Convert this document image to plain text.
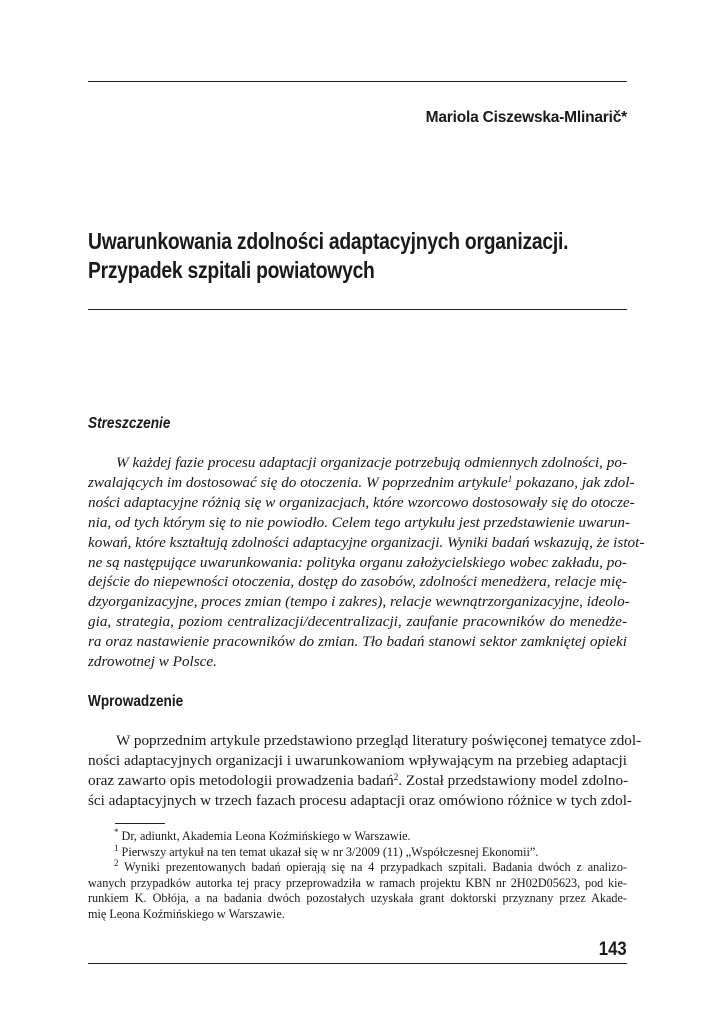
Mariola Ciszewska-Mlinarič*
Uwarunkowania zdolności adaptacyjnych organizacji.
Przypadek szpitali powiatowych
Streszczenie
W każdej fazie procesu adaptacji organizacje potrzebują odmiennych zdolności, po-
zwalających im dostosować się do otoczenia. W poprzednim artykule$^1$ pokazano, jak zdol-
ności adaptacyjne różnią się w organizacjach, które wzorcowo dostosowały się do otocze-
nia, od tych którym się to nie powiodło. Celem tego artykułu jest przedstawienie uwarun-
kowań, które kształtują zdolności adaptacyjne organizacji. Wyniki badań wskazują, że istot-
ne są następujące uwarunkowania: polityka organu założycielskiego wobec zakładu, po-
dejście do niepewności otoczenia, dostęp do zasobów, zdolności menedżera, relacje mię-
dzyorganizacyjne, proces zmian (tempo i zakres), relacje wewnątrzorganizacyjne, ideolo-
gia, strategia, poziom centralizacji/decentralizacji, zaufanie pracowników do menedże-
ra oraz nastawienie pracowników do zmian. Tło badań stanowi sektor zamkniętej opieki
zdrowotnej w Polsce.
Wprowadzenie
W poprzednim artykule przedstawiono przegląd literatury poświęconej tematyce zdol-
ności adaptacyjnych organizacji i uwarunkowaniom wpływającym na przebieg adaptacji
oraz zawarto opis metodologii prowadzenia badań$^2$. Został przedstawiony model zdolno-
ści adaptacyjnych w trzech fazach procesu adaptacji oraz omówiono różnice w tych zdol-
* Dr, adiunkt, Akademia Leona Koźmińskiego w Warszawie.
$^1$ Pierwszy artykuł na ten temat ukazał się w nr 3/2009 (11) „Współczesnej Ekonomii”.
$^2$ Wyniki prezentowanych badań opierają się na 4 przypadkach szpitali. Badania dwóch z analizo-
wanych przypadków autorka tej pracy przeprowadziła w ramach projektu KBN nr 2H02D05623, pod kie-
runkiem K. Obłója, a na badania dwóch pozostałych uzyskała grant doktorski przyznany przez Akade-
mię Leona Koźmińskiego w Warszawie.
143
